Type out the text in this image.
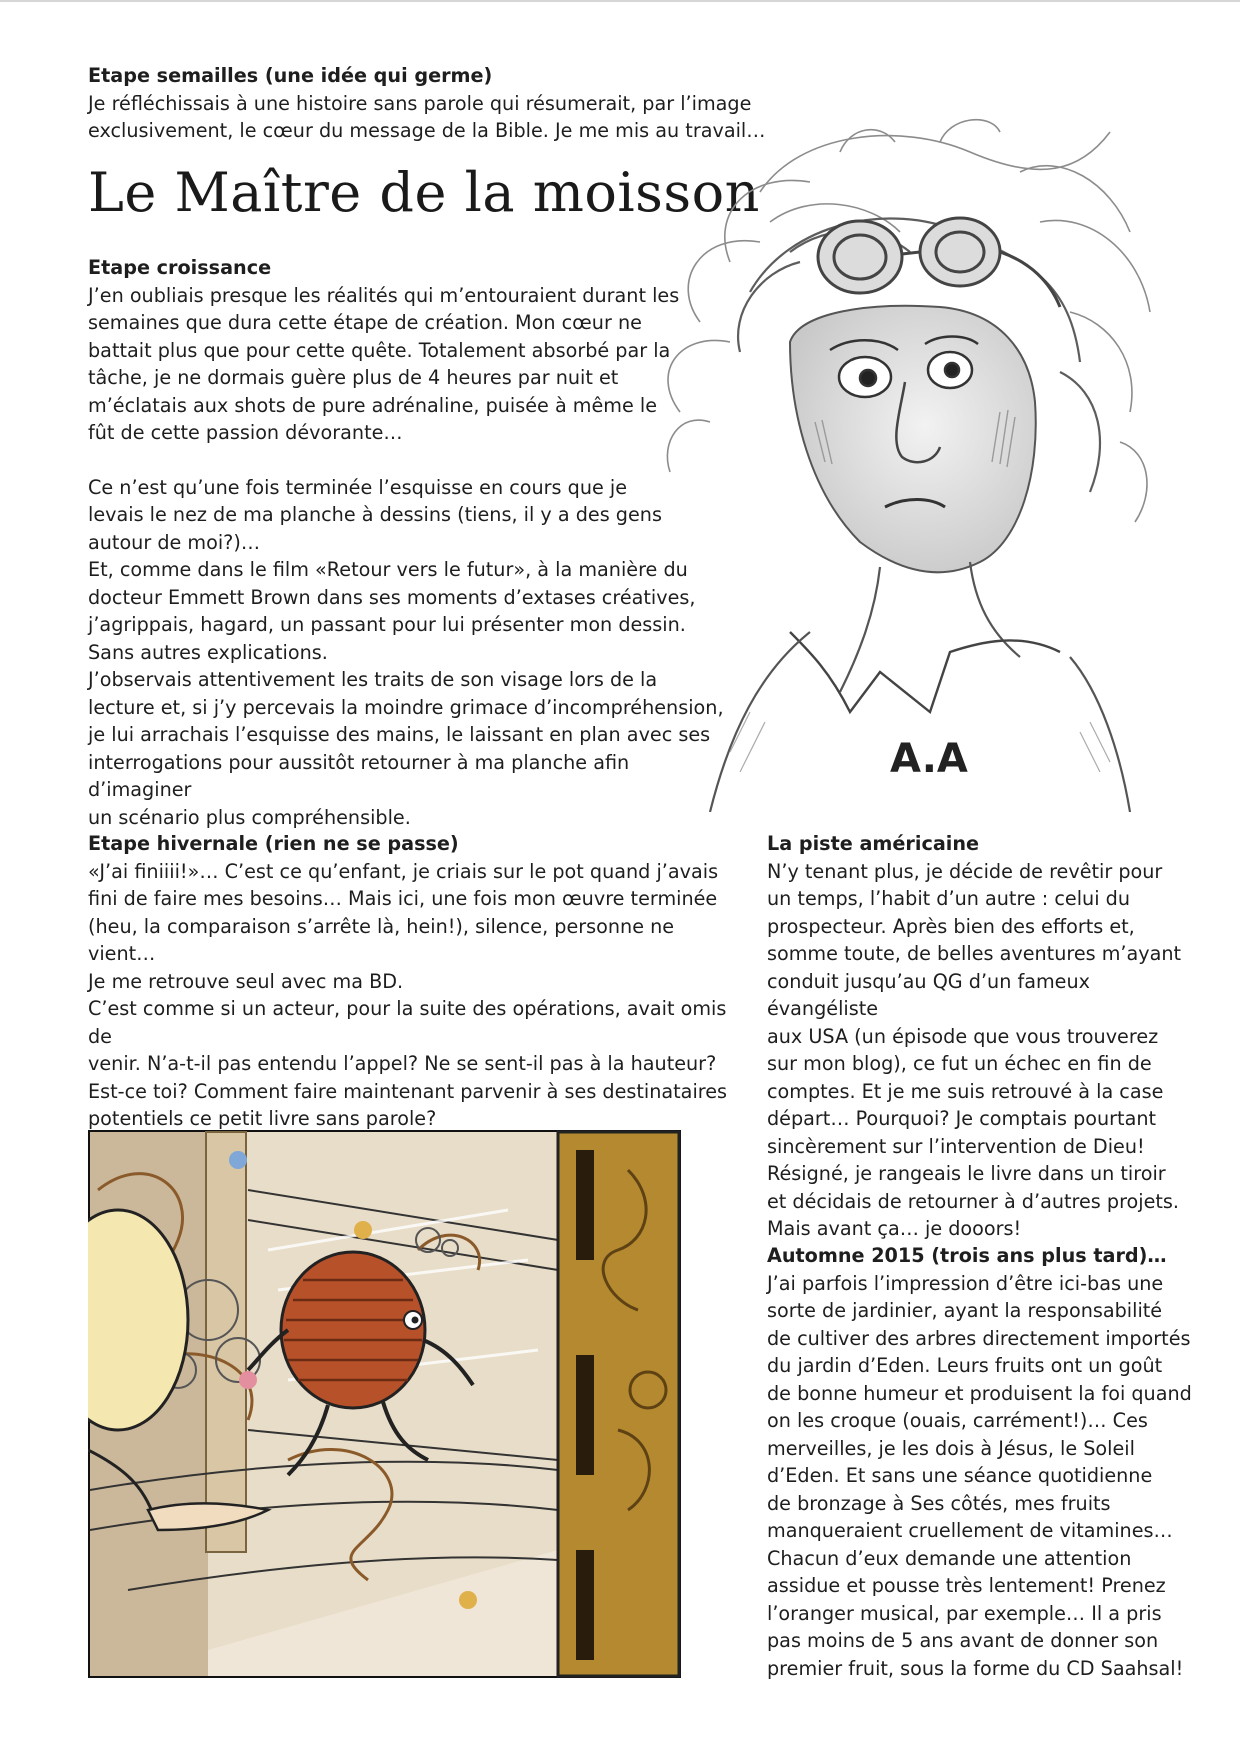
Etape semailles (une idée qui germe)
Je réfléchissais à une histoire sans parole qui résumerait, par l’image
exclusivement, le cœur du message de la Bible. Je me mis au travail…
Le Maître de la moisson
Etape croissance
J’en oubliais presque les réalités qui m’entouraient durant les
semaines que dura cette étape de création. Mon cœur ne
battait plus que pour cette quête. Totalement absorbé par la
tâche, je ne dormais guère plus de 4 heures par nuit et
m’éclatais aux shots de pure adrénaline, puisée à même le
fût de cette passion dévorante…
Ce n’est qu’une fois terminée l’esquisse en cours que je
levais le nez de ma planche à dessins (tiens, il y a des gens
autour de moi?)…
Et, comme dans le film «Retour vers le futur», à la manière du
docteur Emmett Brown dans ses moments d’extases créatives,
j’agrippais, hagard, un passant pour lui présenter mon dessin.
Sans autres explications.
J’observais attentivement les traits de son visage lors de la
lecture et, si j’y percevais la moindre grimace d’incompréhension,
je lui arrachais l’esquisse des mains, le laissant en plan avec ses
interrogations pour aussitôt retourner à ma planche afin d’imaginer
un scénario plus compréhensible.
Etape hivernale (rien ne se passe)
«J’ai finiiii!»… C’est ce qu’enfant, je criais sur le pot quand j’avais
fini de faire mes besoins… Mais ici, une fois mon œuvre terminée
(heu, la comparaison s’arrête là, hein!), silence, personne ne vient…
Je me retrouve seul avec ma BD.
C’est comme si un acteur, pour la suite des opérations, avait omis de
venir. N’a-t-il pas entendu l’appel? Ne se sent-il pas à la hauteur?
Est-ce toi? Comment faire maintenant parvenir à ses destinataires
potentiels ce petit livre sans parole?
La piste américaine
N’y tenant plus, je décide de revêtir pour
un temps, l’habit d’un autre : celui du
prospecteur. Après bien des efforts et,
somme toute, de belles aventures m’ayant
conduit jusqu’au QG d’un fameux évangéliste
aux USA (un épisode que vous trouverez
sur mon blog), ce fut un échec en fin de
comptes. Et je me suis retrouvé à la case
départ… Pourquoi? Je comptais pourtant
sincèrement sur l’intervention de Dieu!
Résigné, je rangeais le livre dans un tiroir
et décidais de retourner à d’autres projets.
Mais avant ça… je dooors!
Automne 2015 (trois ans plus tard)…
J’ai parfois l’impression d’être ici-bas une
sorte de jardinier, ayant la responsabilité
de cultiver des arbres directement importés
du jardin d’Eden. Leurs fruits ont un goût
de bonne humeur et produisent la foi quand
on les croque (ouais, carrément!)… Ces
merveilles, je les dois à Jésus, le Soleil
d’Eden. Et sans une séance quotidienne
de bronzage à Ses côtés, mes fruits
manqueraient cruellement de vitamines…
Chacun d’eux demande une attention
assidue et pousse très lentement! Prenez
l’oranger musical, par exemple… Il a pris
pas moins de 5 ans avant de donner son
premier fruit, sous la forme du CD Saahsal!
A.A
